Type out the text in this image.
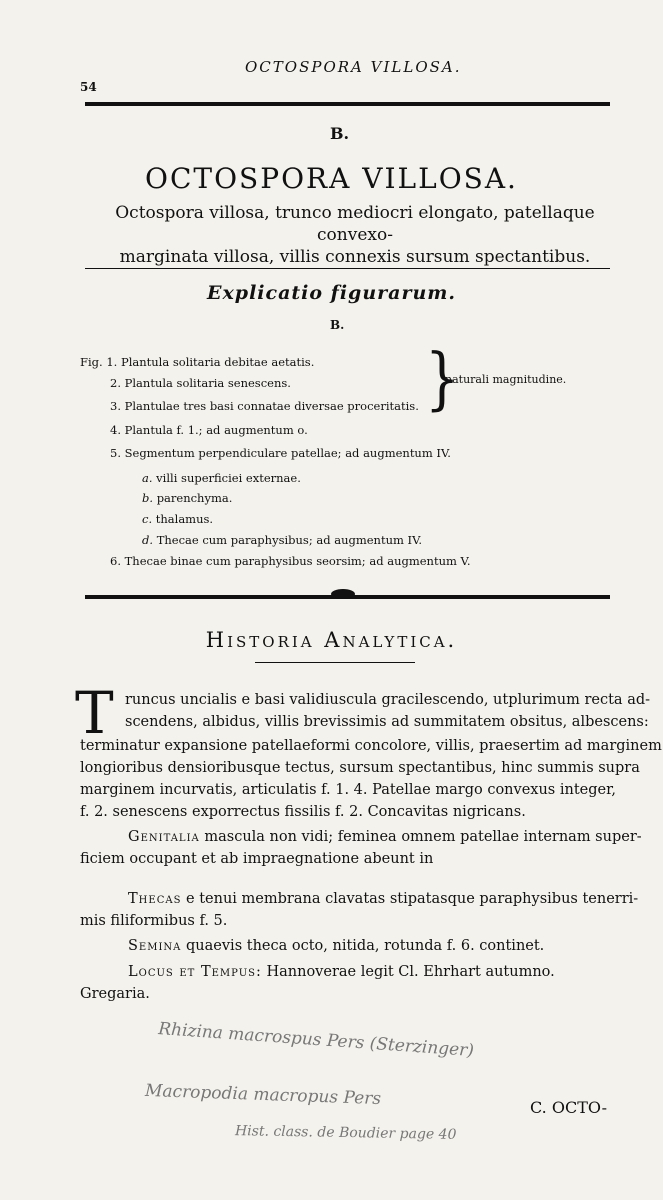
54
OCTOSPORA VILLOSA.
B.
OCTOSPORA VILLOSA.
Octospora villosa, trunco mediocri elongato, patellaque convexo-
marginata villosa, villis connexis sursum spectantibus.
Explicatio figurarum.
B.
Fig. 1. Plantula solitaria debitae aetatis.
2. Plantula solitaria senescens.
3. Plantulae tres basi connatae diversae proceritatis.
4. Plantula f. 1.; ad augmentum o.
5. Segmentum perpendiculare patellae; ad augmentum IV.
a. villi superficiei externae.
b. parenchyma.
c. thalamus.
d. Thecae cum paraphysibus; ad augmentum IV.
6. Thecae binae cum paraphysibus seorsim; ad augmentum V.
}
naturali magnitudine.
Historia Analytica.
T runcus uncialis e basi validiuscula gracilescendo, utplurimum recta ad-
scendens, albidus, villis brevissimis ad summitatem obsitus, albescens:
terminatur expansione patellaeformi concolore, villis, praesertim ad marginem
longioribus densioribusque tectus, sursum spectantibus, hinc summis supra
marginem incurvatis, articulatis f. 1. 4. Patellae margo convexus integer,
f. 2. senescens exporrectus fissilis f. 2. Concavitas nigricans.
Genitalia mascula non vidi; feminea omnem patellae internam super-
ficiem occupant et ab impraegnatione abeunt in
Thecas e tenui membrana clavatas stipatasque paraphysibus tenerri-
mis filiformibus f. 5.
Semina quaevis theca octo, nitida, rotunda f. 6. continet.
Locus et Tempus: Hannoverae legit Cl. Ehrhart autumno.
Gregaria.
Rhizina macrospus Pers (Sterzinger)
Macropodia macropus Pers
Hist. class. de Boudier page 40
C. OCTO-
